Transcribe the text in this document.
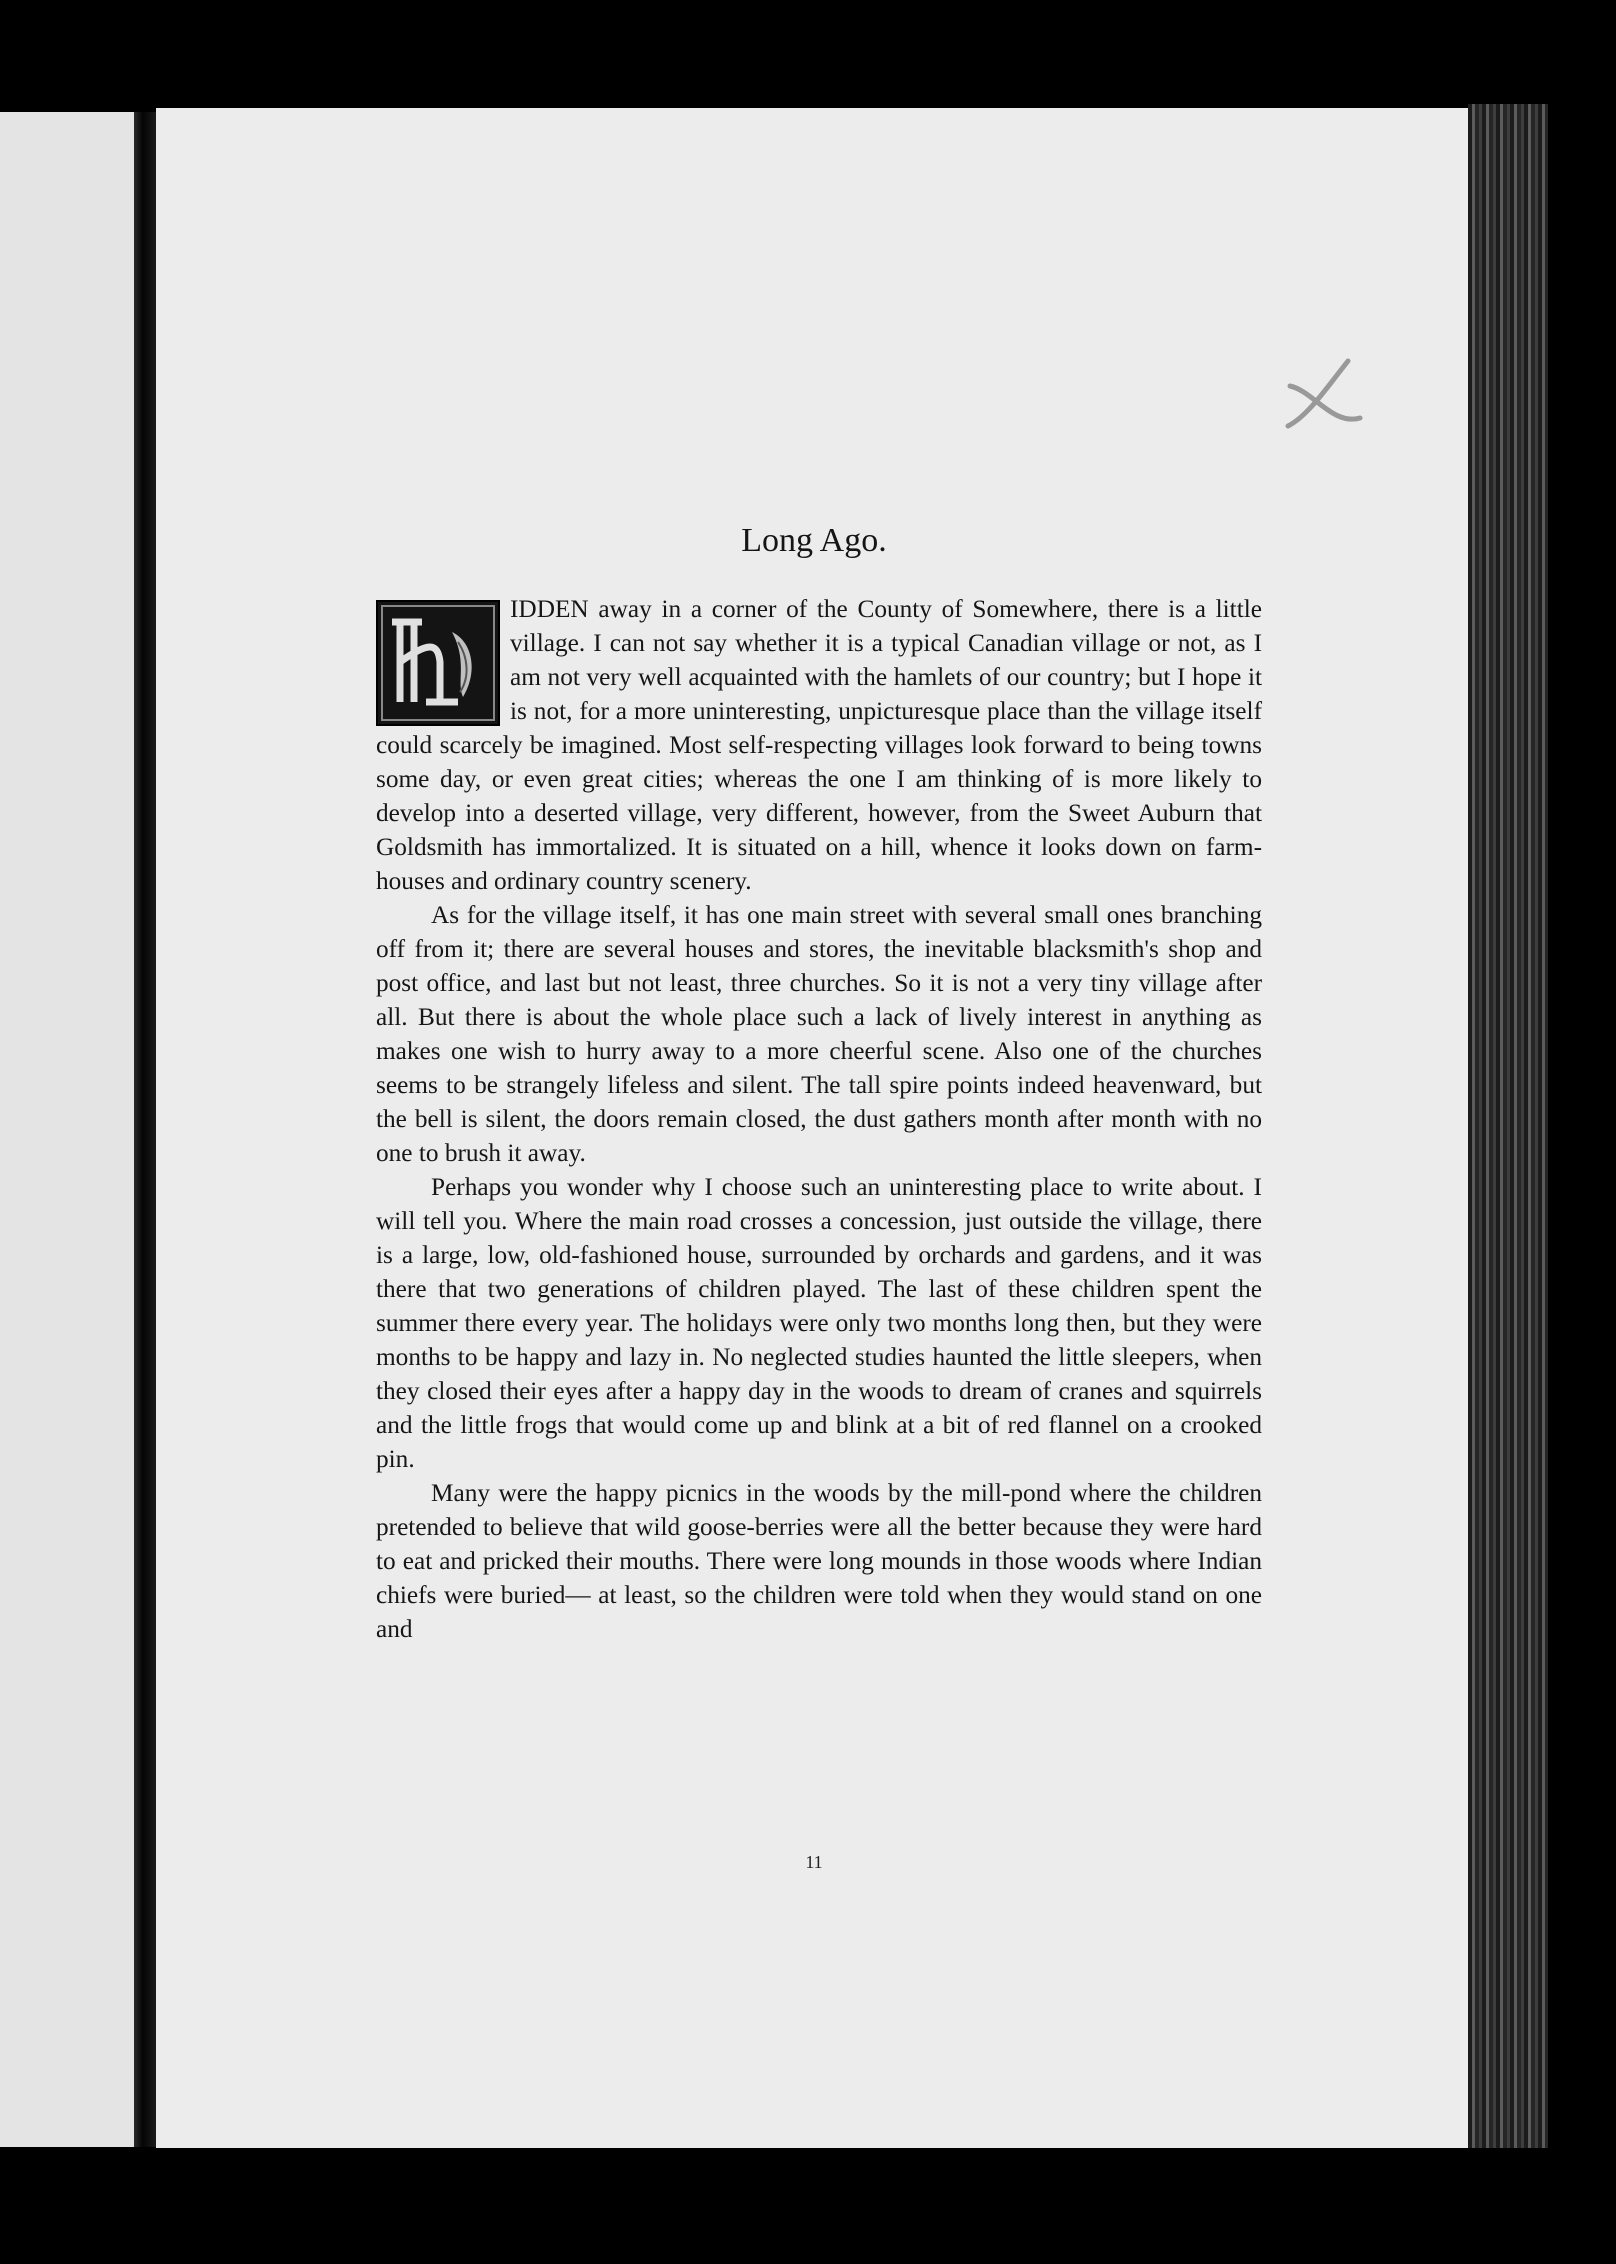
Long Ago.

IDDEN away in a corner of the County of Somewhere, there is a little village. I can not say whether it is a typical Canadian village or not, as I am not very well acquainted with the hamlets of our country; but I hope it is not, for a more uninteresting, unpicturesque place than the village itself could scarcely be imagined. Most self-respecting villages look forward to being towns some day, or even great cities; whereas the one I am thinking of is more likely to develop into a deserted village, very different, however, from the Sweet Auburn that Goldsmith has immortalized. It is situated on a hill, whence it looks down on farm-houses and ordinary country scenery.

As for the village itself, it has one main street with several small ones branching off from it; there are several houses and stores, the inevitable blacksmith's shop and post office, and last but not least, three churches. So it is not a very tiny village after all. But there is about the whole place such a lack of lively interest in anything as makes one wish to hurry away to a more cheerful scene. Also one of the churches seems to be strangely lifeless and silent. The tall spire points indeed heavenward, but the bell is silent, the doors remain closed, the dust gathers month after month with no one to brush it away.

Perhaps you wonder why I choose such an uninteresting place to write about. I will tell you. Where the main road crosses a concession, just outside the village, there is a large, low, old-fashioned house, surrounded by orchards and gardens, and it was there that two generations of children played. The last of these children spent the summer there every year. The holidays were only two months long then, but they were months to be happy and lazy in. No neglected studies haunted the little sleepers, when they closed their eyes after a happy day in the woods to dream of cranes and squirrels and the little frogs that would come up and blink at a bit of red flannel on a crooked pin.

Many were the happy picnics in the woods by the mill-pond where the children pretended to believe that wild goose-berries were all the better because they were hard to eat and pricked their mouths. There were long mounds in those woods where Indian chiefs were buried— at least, so the children were told when they would stand on one and

11
